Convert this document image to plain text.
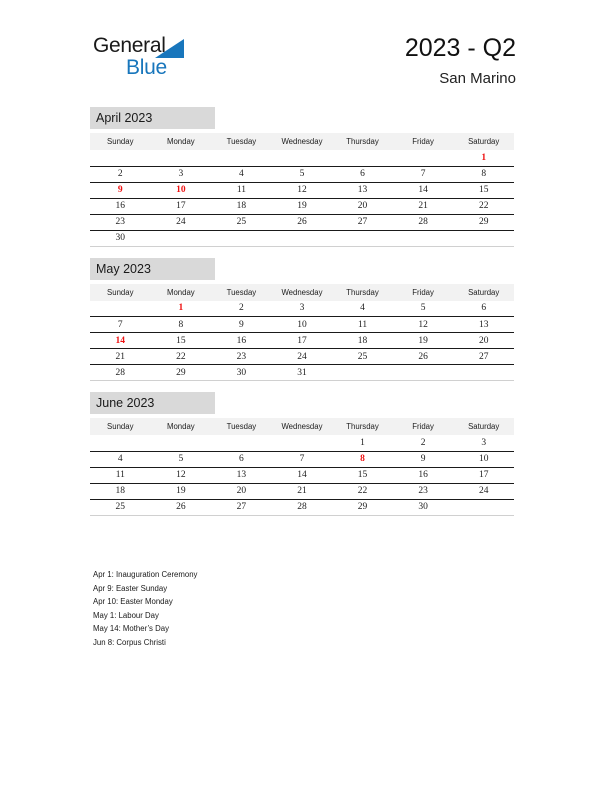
General
Blue
2023 - Q2
San Marino
April 2023
Sunday	Monday	Tuesday	Wednesday	Thursday	Friday	Saturday
						1
2	3	4	5	6	7	8
9	10	11	12	13	14	15
16	17	18	19	20	21	22
23	24	25	26	27	28	29
30						
May 2023
Sunday	Monday	Tuesday	Wednesday	Thursday	Friday	Saturday
	1	2	3	4	5	6
7	8	9	10	11	12	13
14	15	16	17	18	19	20
21	22	23	24	25	26	27
28	29	30	31			
June 2023
Sunday	Monday	Tuesday	Wednesday	Thursday	Friday	Saturday
				1	2	3
4	5	6	7	8	9	10
11	12	13	14	15	16	17
18	19	20	21	22	23	24
25	26	27	28	29	30	
Apr 1: Inauguration Ceremony
Apr 9: Easter Sunday
Apr 10: Easter Monday
May 1: Labour Day
May 14: Mother’s Day
Jun 8: Corpus Christi
